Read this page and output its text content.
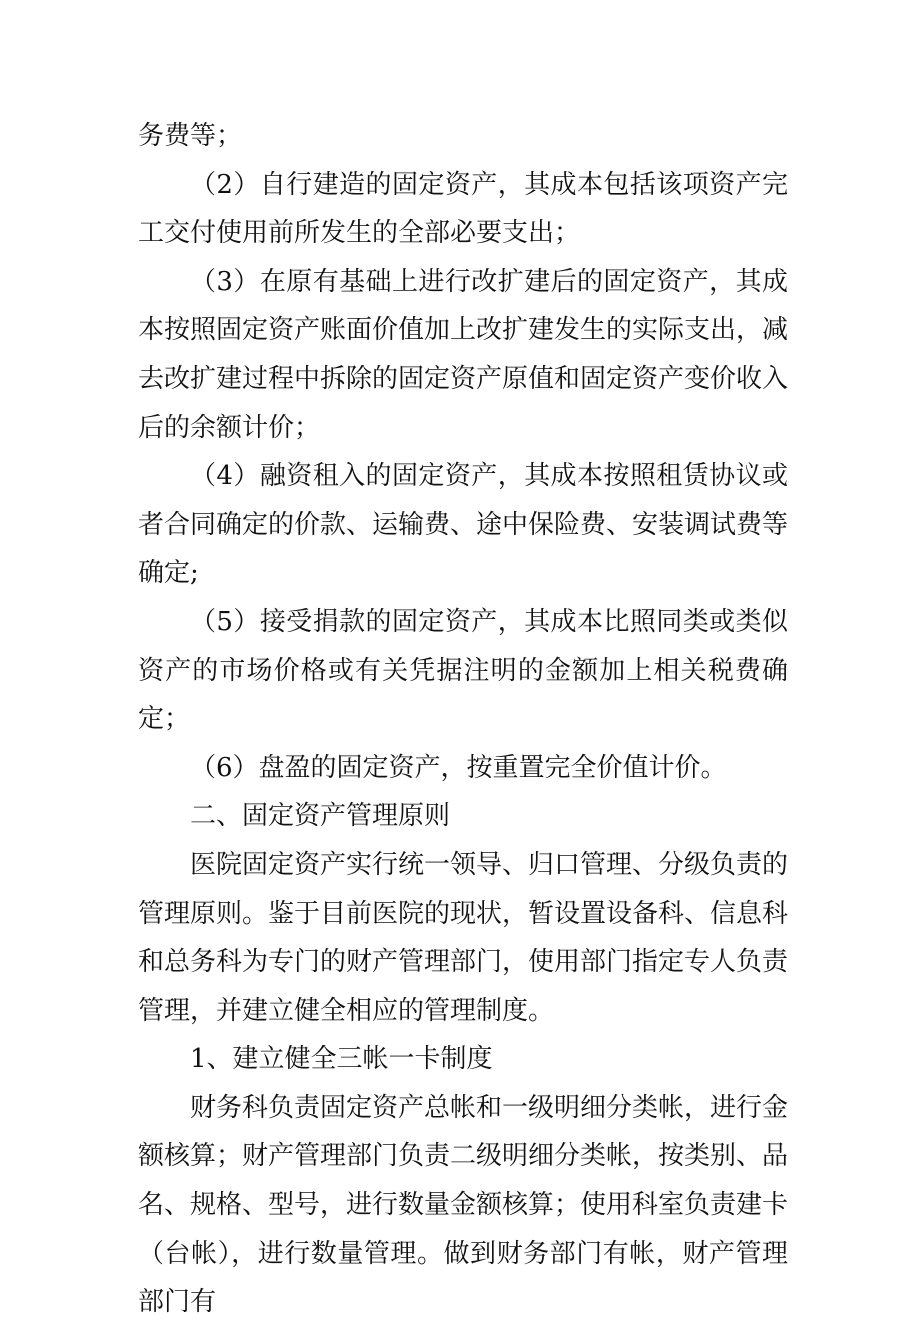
务费等；

（2）自行建造的固定资产，其成本包括该项资产完工交付使用前所发生的全部必要支出；

（3）在原有基础上进行改扩建后的固定资产，其成本按照固定资产账面价值加上改扩建发生的实际支出，减去改扩建过程中拆除的固定资产原值和固定资产变价收入后的余额计价；

（4）融资租入的固定资产，其成本按照租赁协议或者合同确定的价款、运输费、途中保险费、安装调试费等确定;

（5）接受捐款的固定资产，其成本比照同类或类似资产的市场价格或有关凭据注明的金额加上相关税费确定；

（6）盘盈的固定资产，按重置完全价值计价。

二、固定资产管理原则

医院固定资产实行统一领导、归口管理、分级负责的管理原则。鉴于目前医院的现状，暂设置设备科、信息科和总务科为专门的财产管理部门，使用部门指定专人负责管理，并建立健全相应的管理制度。

1、建立健全三帐一卡制度

财务科负责固定资产总帐和一级明细分类帐，进行金额核算；财产管理部门负责二级明细分类帐，按类别、品名、规格、型号，进行数量金额核算；使用科室负责建卡（台帐），进行数量管理。做到财务部门有帐，财产管理部门有
